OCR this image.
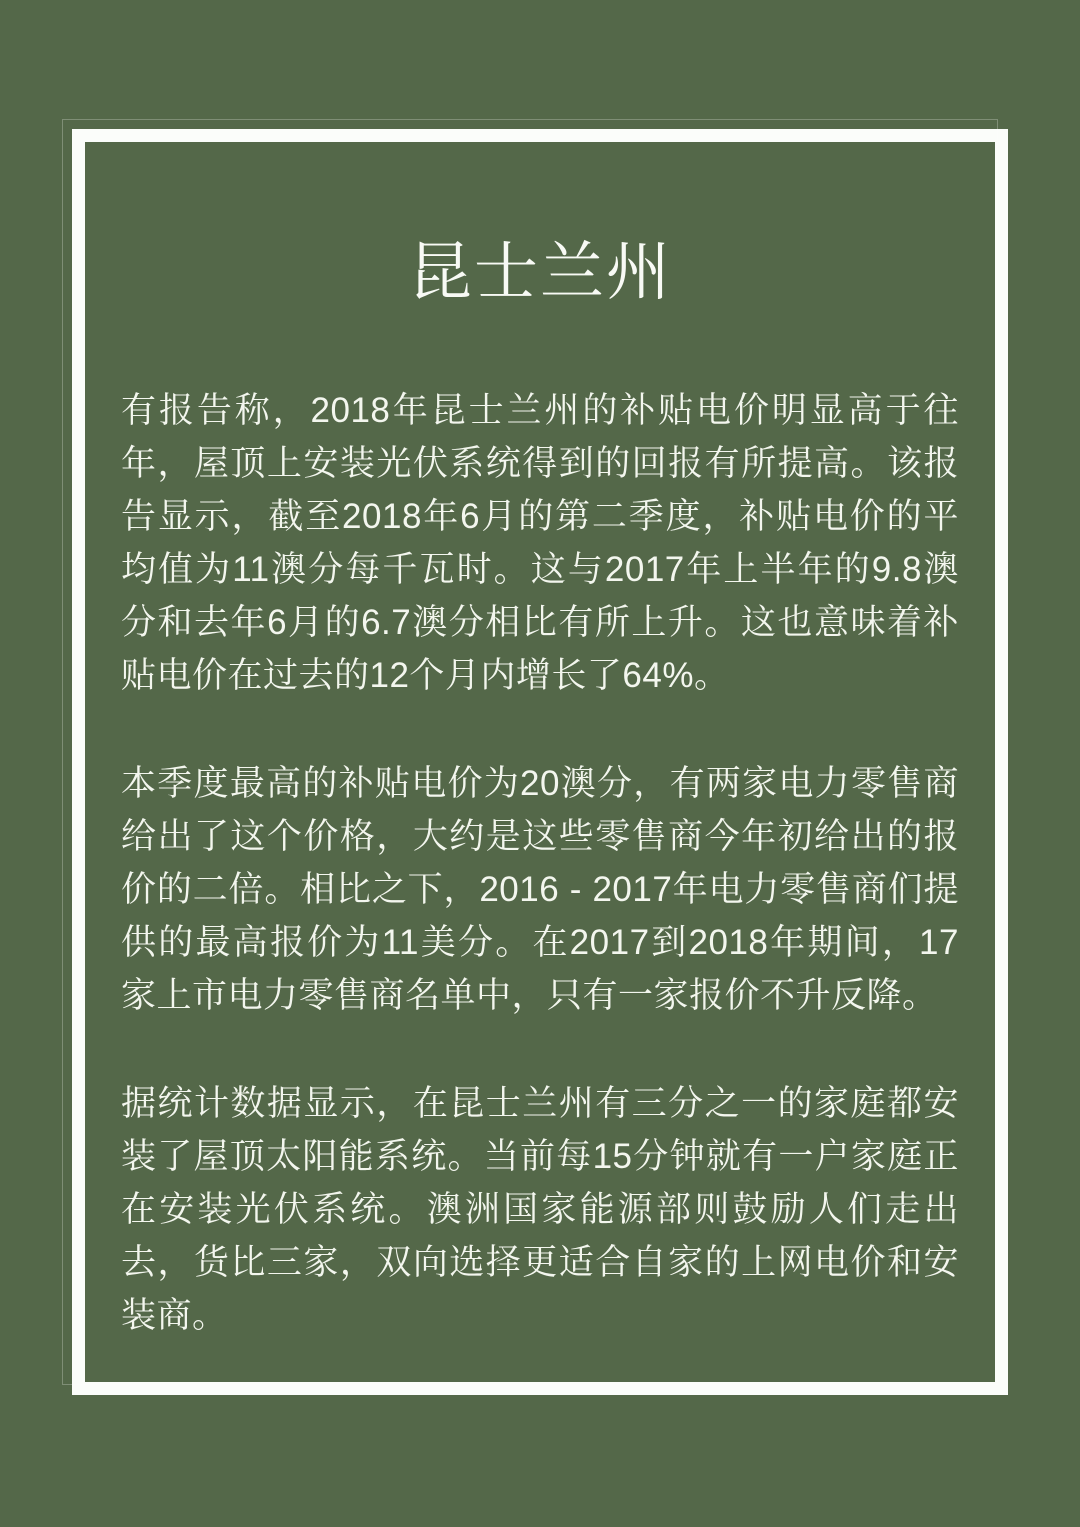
昆士兰州

有报告称，2018年昆士兰州的补贴电价明显高于往年，屋顶上安装光伏系统得到的回报有所提高。该报告显示，截至2018年6月的第二季度，补贴电价的平均值为11澳分每千瓦时。这与2017年上半年的9.8澳分和去年6月的6.7澳分相比有所上升。这也意味着补贴电价在过去的12个月内增长了64%。

本季度最高的补贴电价为20澳分，有两家电力零售商给出了这个价格，大约是这些零售商今年初给出的报价的二倍。相比之下，2016 - 2017年电力零售商们提供的最高报价为11美分。在2017到2018年期间，17家上市电力零售商名单中，只有一家报价不升反降。

据统计数据显示，在昆士兰州有三分之一的家庭都安装了屋顶太阳能系统。当前每15分钟就有一户家庭正在安装光伏系统。澳洲国家能源部则鼓励人们走出去，货比三家，双向选择更适合自家的上网电价和安装商。
